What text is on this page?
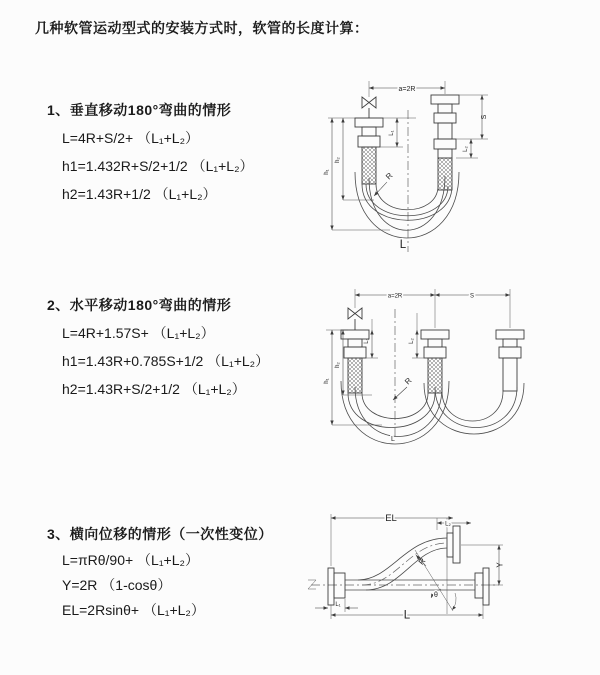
几种软管运动型式的安装方式时，软管的长度计算：
1、垂直移动180°弯曲的情形
L=4R+S/2+ （L₁+L₂）
h1=1.432R+S/2+1/2 （L₁+L₂）
h2=1.43R+1/2 （L₁+L₂）
2、水平移动180°弯曲的情形
L=4R+1.57S+ （L₁+L₂）
h1=1.43R+0.785S+1/2 （L₁+L₂）
h2=1.43R+S/2+1/2 （L₁+L₂）
3、横向位移的情形（一次性变位）
L=πRθ/90+ （L₁+L₂）
Y=2R （1-cosθ）
EL=2Rsinθ+ （L₁+L₂）
a=2R
L₁
S
L₂
h₁
h₂
R
L
a=2R	S
L₁	L₂
h₁
h₂
R
L
EL
L₂
Y
θ
R
L₁
L
